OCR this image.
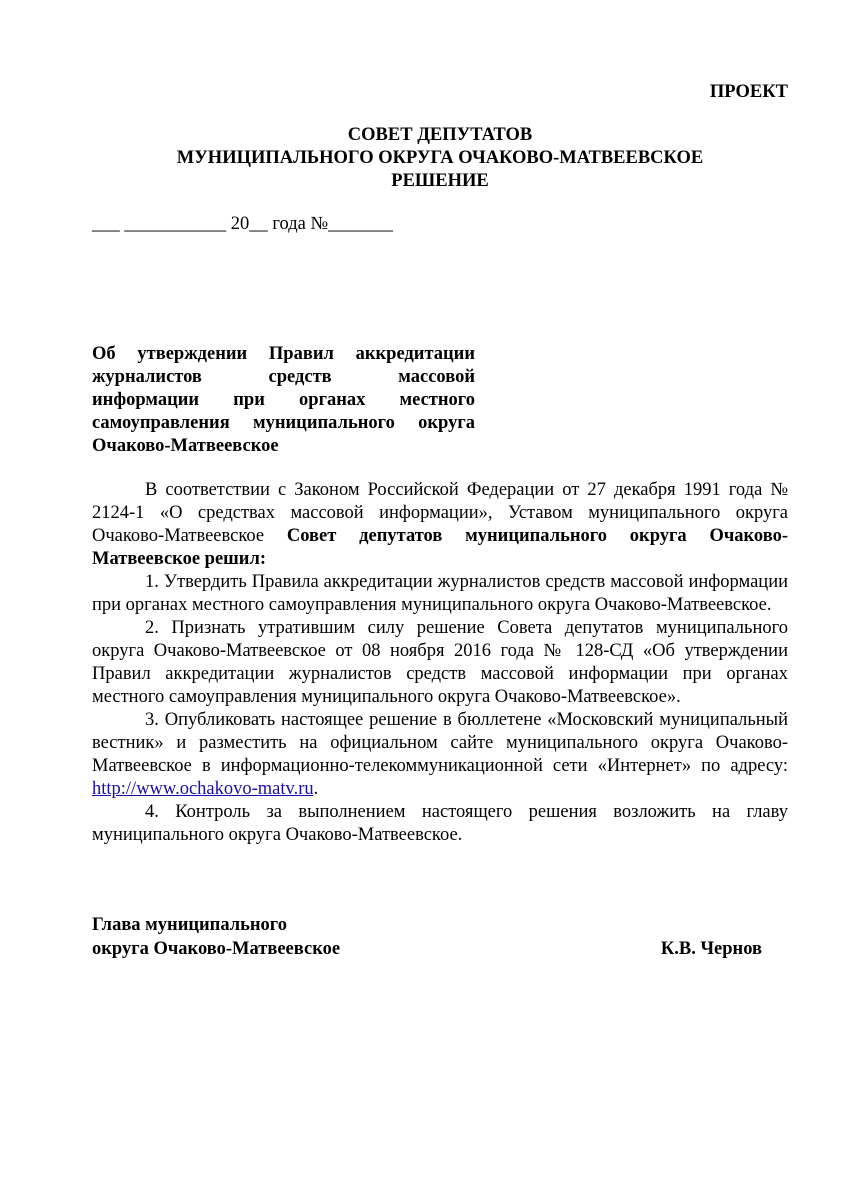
ПРОЕКТ
СОВЕТ ДЕПУТАТОВ
МУНИЦИПАЛЬНОГО ОКРУГА ОЧАКОВО-МАТВЕЕВСКОЕ
РЕШЕНИЕ
___ ___________ 20__ года №_______
Об утверждении Правил аккредитации
журналистов средств массовой
информации при органах местного
самоуправления муниципального округа
Очаково-Матвеевское

В соответствии с Законом Российской Федерации от 27 декабря 1991 года № 2124-1 «О средствах массовой информации», Уставом муниципального округа Очаково-Матвеевское Совет депутатов муниципального округа Очаково-Матвеевское решил:

1. Утвердить Правила аккредитации журналистов средств массовой информации при органах местного самоуправления муниципального округа Очаково-Матвеевское.

2. Признать утратившим силу решение Совета депутатов муниципального округа Очаково-Матвеевское от 08 ноября 2016 года № 128-СД «Об утверждении Правил аккредитации журналистов средств массовой информации при органах местного самоуправления муниципального округа Очаково-Матвеевское».

3. Опубликовать настоящее решение в бюллетене «Московский муниципальный вестник» и разместить на официальном сайте муниципального округа Очаково-Матвеевское в информационно-телекоммуникационной сети «Интернет» по адресу: http://www.ochakovo-matv.ru.

4. Контроль за выполнением настоящего решения возложить на главу муниципального округа Очаково-Матвеевское.

Глава муниципального
округа Очаково-Матвеевское	К.В. Чернов
